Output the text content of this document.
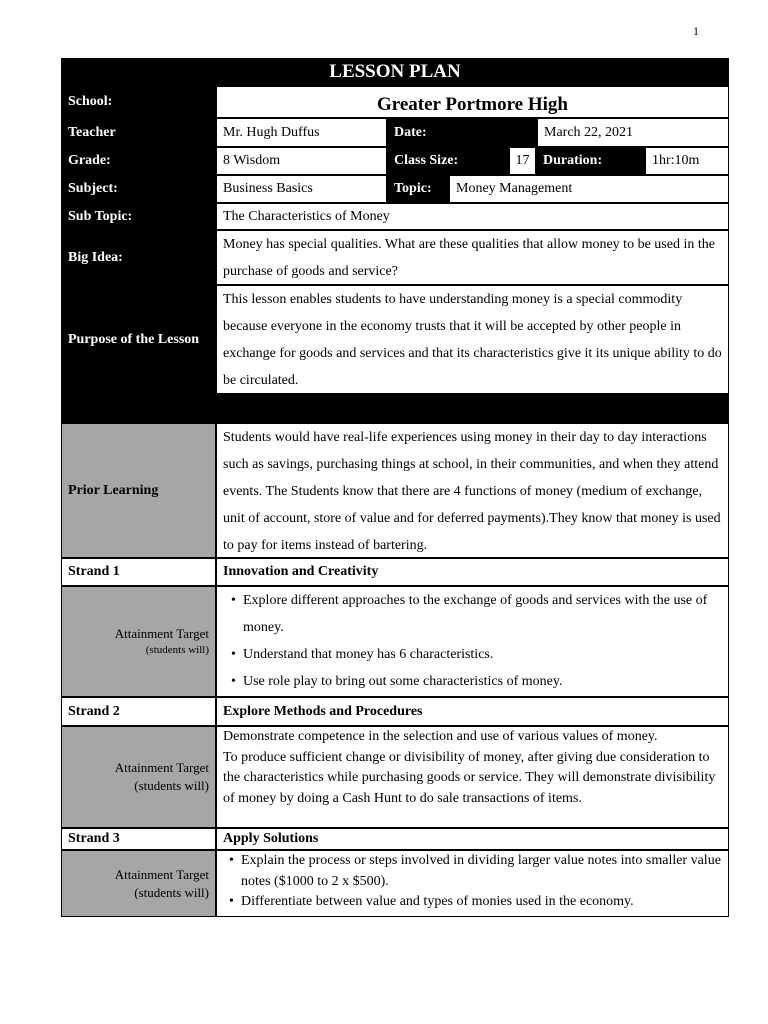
1
LESSON PLAN
School:	Greater Portmore High
Teacher	Mr. Hugh Duffus	Date:	March 22, 2021
Grade:	8 Wisdom	Class Size:	17 Duration:	1hr:10m
Subject:	Business Basics	Topic:	Money Management
Sub Topic:	The Characteristics of Money
Big Idea:
Money has special qualities. What are these qualities that allow money to be used in the purchase of goods and service?
Purpose of the Lesson
This lesson enables students to have understanding money is a special commodity because everyone in the economy trusts that it will be accepted by other people in exchange for goods and services and that its characteristics give it its unique ability to do be circulated.
Prior Learning
Students would have real-life experiences using money in their day to day interactions such as savings, purchasing things at school, in their communities, and when they attend events. The Students know that there are 4 functions of money (medium of exchange, unit of account, store of value and for deferred payments).They know that money is used to pay for items instead of bartering.
Strand 1	Innovation and Creativity
Attainment Target
(students will)
• Explore different approaches to the exchange of goods and services with the use of money.
• Understand that money has 6 characteristics.
• Use role play to bring out some characteristics of money.
Strand 2	Explore Methods and Procedures
Attainment Target
(students will)
Demonstrate competence in the selection and use of various values of money.
To produce sufficient change or divisibility of money, after giving due consideration to the characteristics while purchasing goods or service. They will demonstrate divisibility of money by doing a Cash Hunt to do sale transactions of items.
Strand 3	Apply Solutions
Attainment Target
(students will)
• Explain the process or steps involved in dividing larger value notes into smaller value notes ($1000 to 2 x $500).
• Differentiate between value and types of monies used in the economy.
